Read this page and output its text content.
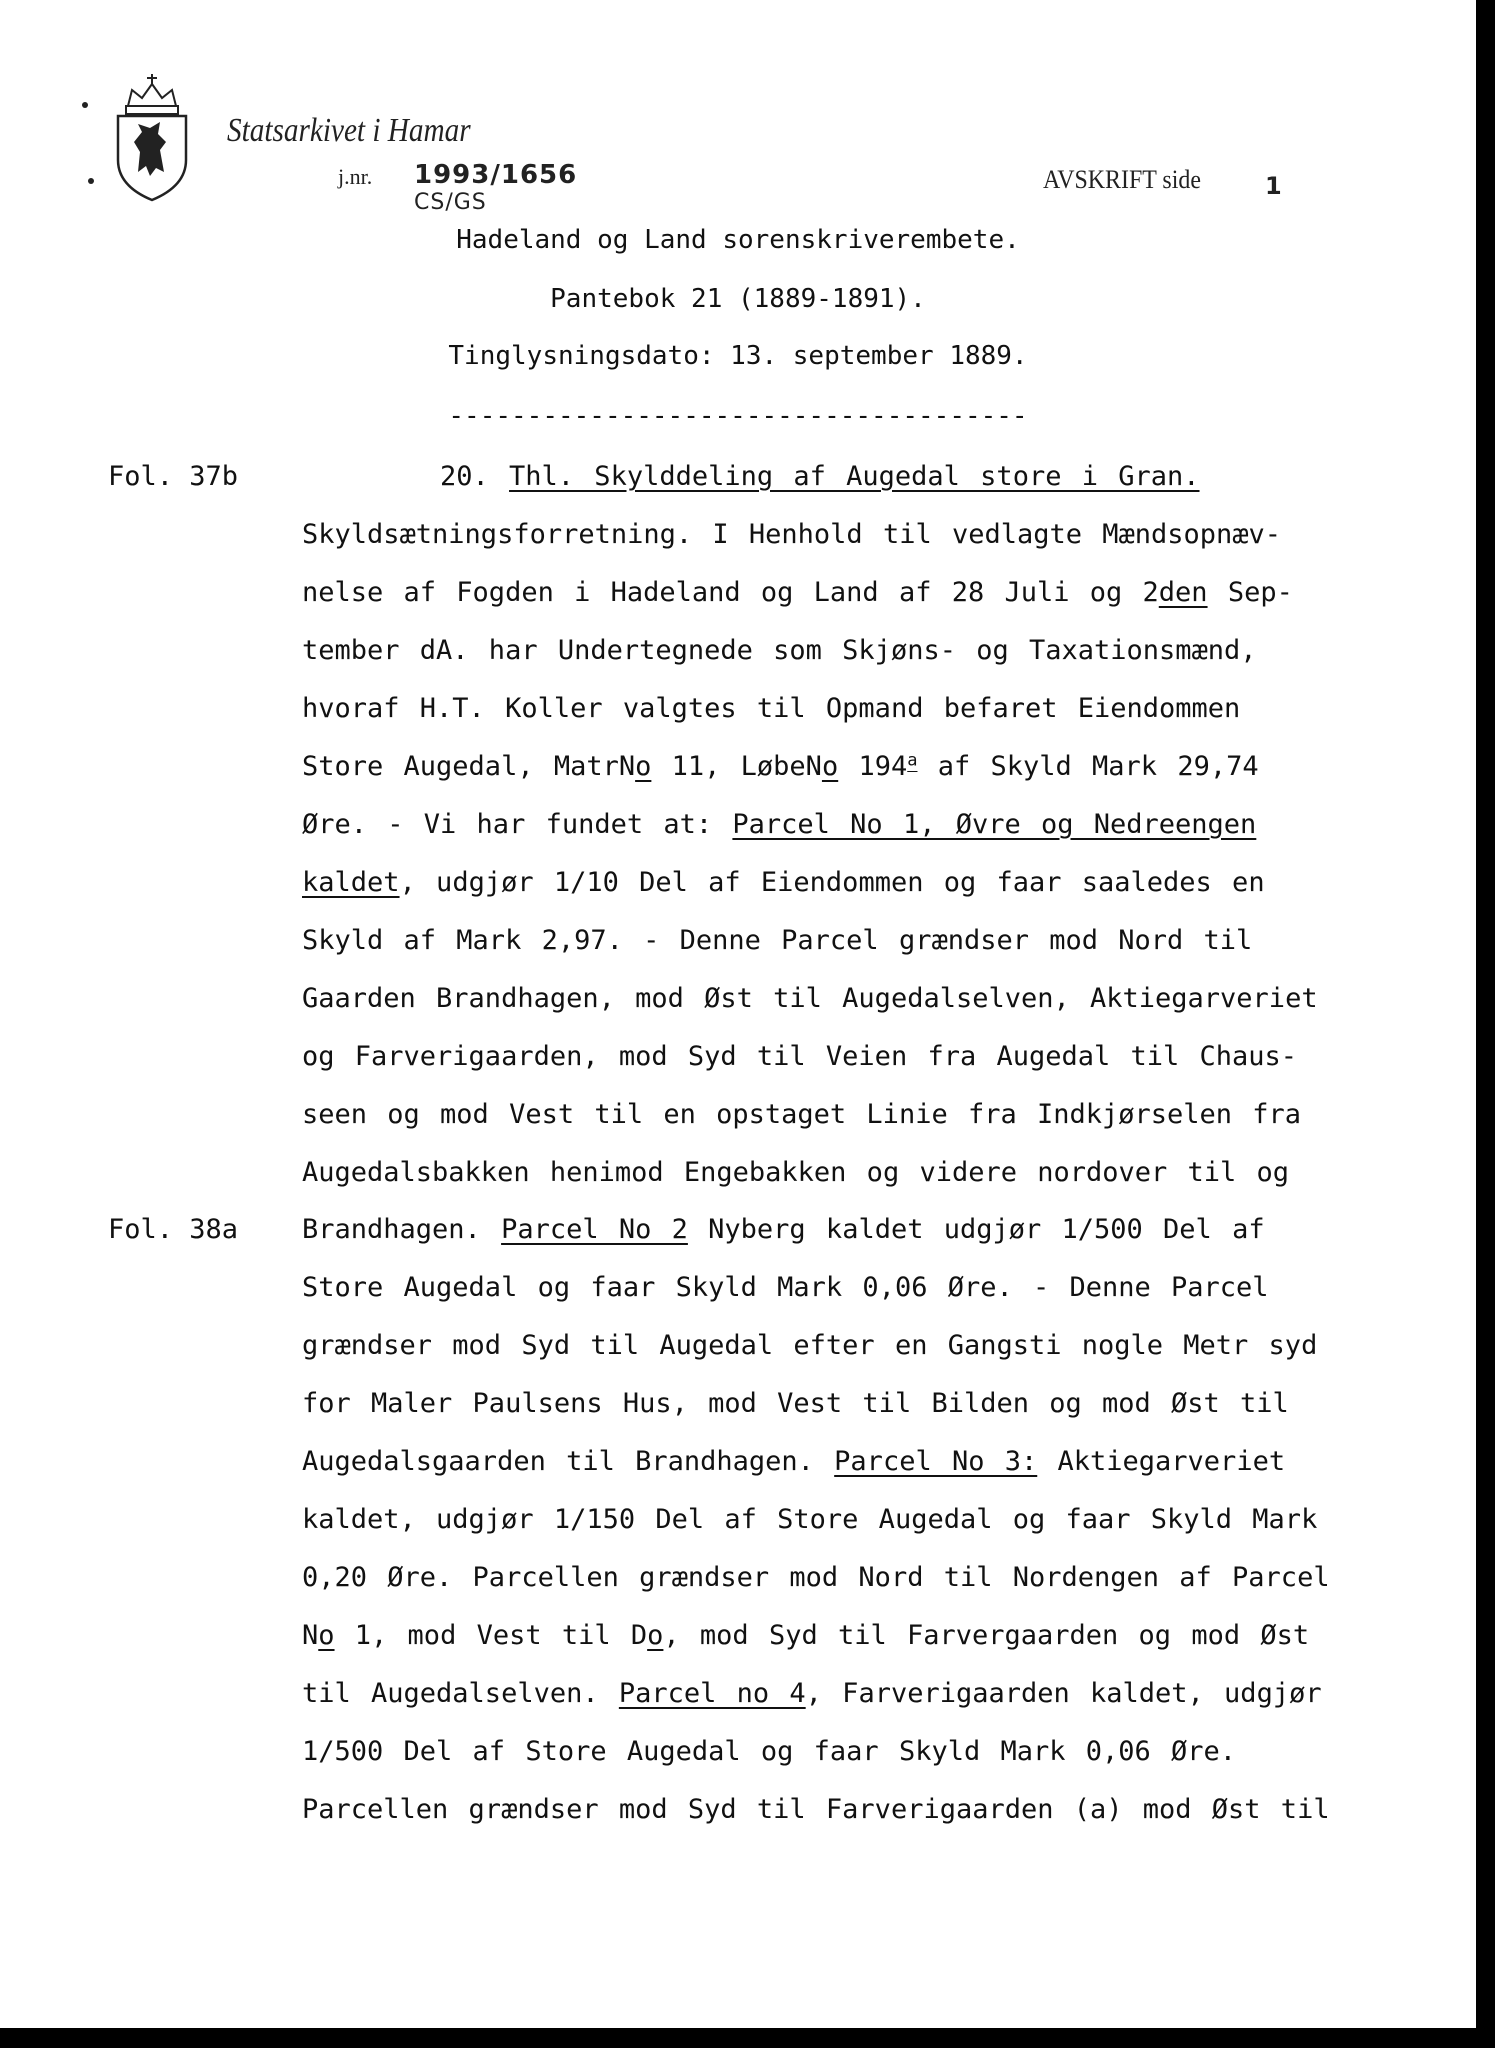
Statsarkivet i Hamar
j.nr. 1993/1656
CS/GS
AVSKRIFT side	1
Hadeland og Land sorenskriverembete.
Pantebok 21 (1889-1891).
Tinglysningsdato: 13. september 1889.
-------------------------------------
Fol. 37b
Fol. 38a
20. Thl. Skylddeling af Augedal store i Gran.
Skyldsætningsforretning. I Henhold til vedlagte Mændsopnæv-
nelse af Fogden i Hadeland og Land af 28 Juli og 2den Sep-
tember dA. har Undertegnede som Skjøns- og Taxationsmænd,
hvoraf H.T. Koller valgtes til Opmand befaret Eiendommen
Store Augedal, MatrNo 11, LøbeNo 194$^a$ af Skyld Mark 29,74
Øre. - Vi har fundet at: Parcel No 1, Øvre og Nedreengen
kaldet, udgjør 1/10 Del af Eiendommen og faar saaledes en
Skyld af Mark 2,97. - Denne Parcel grændser mod Nord til
Gaarden Brandhagen, mod Øst til Augedalselven, Aktiegarveriet
og Farverigaarden, mod Syd til Veien fra Augedal til Chaus-
seen og mod Vest til en opstaget Linie fra Indkjørselen fra
Augedalsbakken henimod Engebakken og videre nordover til og
Brandhagen. Parcel No 2 Nyberg kaldet udgjør 1/500 Del af
Store Augedal og faar Skyld Mark 0,06 Øre. - Denne Parcel
grændser mod Syd til Augedal efter en Gangsti nogle Metr syd
for Maler Paulsens Hus, mod Vest til Bilden og mod Øst til
Augedalsgaarden til Brandhagen. Parcel No 3: Aktiegarveriet
kaldet, udgjør 1/150 Del af Store Augedal og faar Skyld Mark
0,20 Øre. Parcellen grændser mod Nord til Nordengen af Parcel
No 1, mod Vest til Do, mod Syd til Farvergaarden og mod Øst
til Augedalselven. Parcel no 4, Farverigaarden kaldet, udgjør
1/500 Del af Store Augedal og faar Skyld Mark 0,06 Øre.
Parcellen grændser mod Syd til Farverigaarden (a) mod Øst til
